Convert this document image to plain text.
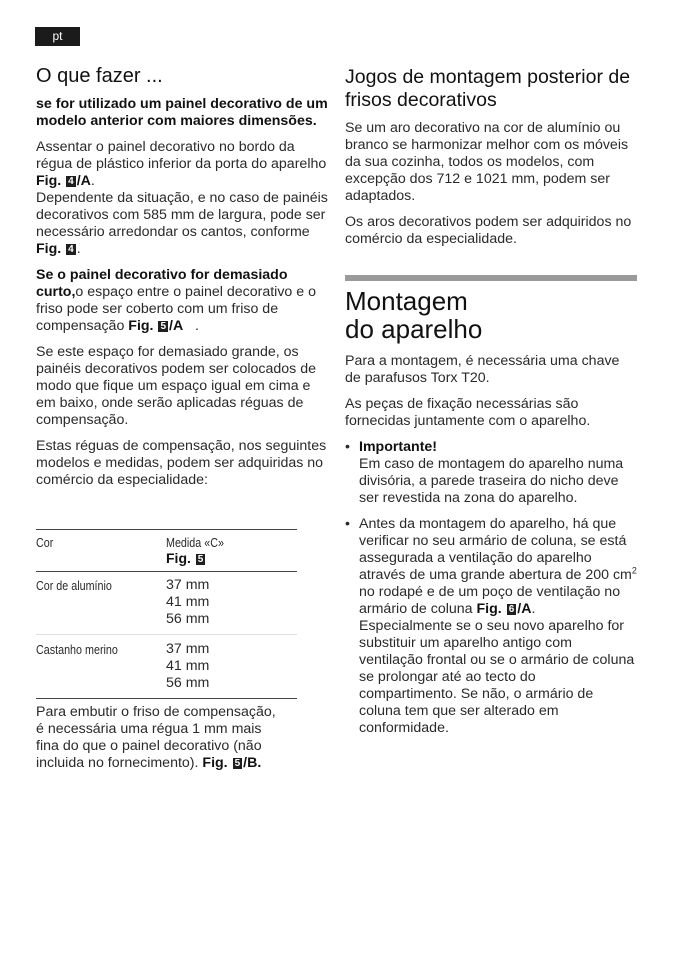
pt
O que fazer ...

se for utilizado um painel decorativo de um modelo anterior com maiores dimensões.

Assentar o painel decorativo no bordo da régua de plástico inferior da porta do aparelho Fig. 4 /A.
Dependente da situação, e no caso de painéis decorativos com 585 mm de largura, pode ser necessário arredondar os cantos, conforme Fig. 4 .

Se o painel decorativo for demasiado curto,o espaço entre o painel decorativo e o friso pode ser coberto com um friso de compensação Fig. 5 /A   .

Se este espaço for demasiado grande, os painéis decorativos podem ser colocados de modo que fique um espaço igual em cima e em baixo, onde serão aplicadas réguas de compensação.

Estas réguas de compensação, nos seguintes modelos e medidas, podem ser adquiridas no comércio da especialidade:

Cor	Medida «C»
Fig. 5

Cor de alumínio	37 mm
41 mm
56 mm

Castanho merino	37 mm
41 mm
56 mm

Para embutir o friso de compensação, é necessária uma régua 1 mm mais fina do que o painel decorativo (não incluida no fornecimento). Fig. 5 /B.

Jogos de montagem posterior de frisos decorativos

Se um aro decorativo na cor de alumínio ou branco se harmonizar melhor com os móveis da sua cozinha, todos os modelos, com excepção dos 712 e 1021 mm, podem ser adaptados.

Os aros decorativos podem ser adquiridos no comércio da especialidade.

Montagem
do aparelho

Para a montagem, é necessária uma chave de parafusos Torx T20.

As peças de fixação necessárias são fornecidas juntamente com o aparelho.

• Importante!
Em caso de montagem do aparelho numa divisória, a parede traseira do nicho deve ser revestida na zona do aparelho.
• Antes da montagem do aparelho, há que verificar no seu armário de coluna, se está assegurada a ventilação do aparelho através de uma grande abertura de 200 $cm^2$ no rodapé e de um poço de ventilação no armário de coluna Fig. 6 /A.
Especialmente se o seu novo aparelho for substituir um aparelho antigo com ventilação frontal ou se o armário de coluna se prolongar até ao tecto do compartimento. Se não, o armário de coluna tem que ser alterado em conformidade.
